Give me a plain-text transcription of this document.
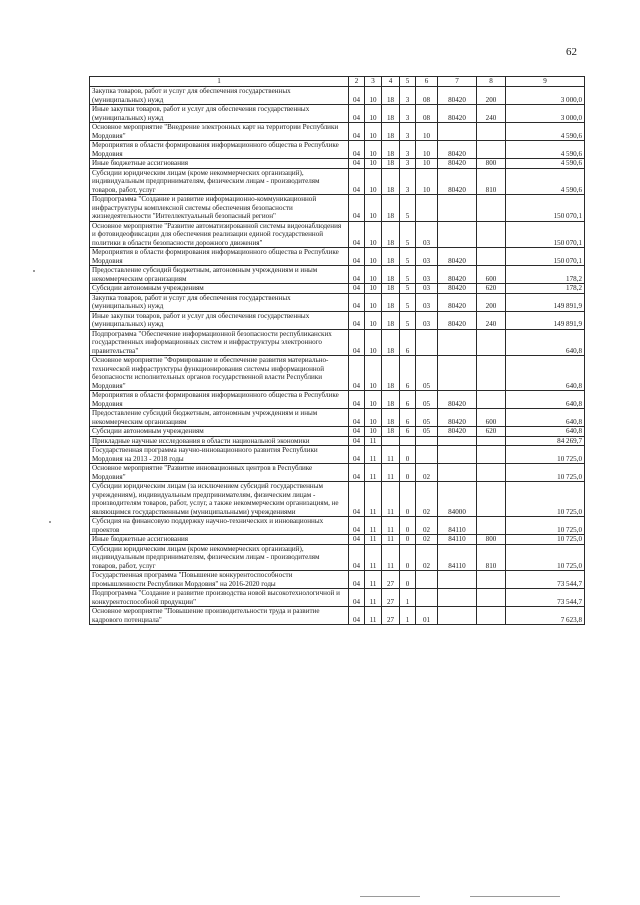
62
1	2	3	4	5	6	7	8	9
Закупка товаров, работ и услуг для обеспечения государственных (муниципальных) нужд	04	10	18	3	08	80420	200	3 000,0
Иные закупки товаров, работ и услуг для обеспечения государственных (муниципальных) нужд	04	10	18	3	08	80420	240	3 000,0
Основное мероприятие "Внедрение электронных карт на территории Республики Мордовия"	04	10	18	3	10			4 590,6
Мероприятия в области формирования информационного общества в Республике Мордовия	04	10	18	3	10	80420		4 590,6
Иные бюджетные ассигнования	04	10	18	3	10	80420	800	4 590,6
Субсидии юридическим лицам (кроме некоммерческих организаций), индивидуальным предпринимателям, физическим лицам - производителям товаров, работ, услуг	04	10	18	3	10	80420	810	4 590,6
Подпрограмма "Создание и развитие информационно-коммуникационной инфраструктуры комплексной системы обеспечения безопасности жизнедеятельности "Интеллектуальный безопасный регион"	04	10	18	5				150 070,1
Основное мероприятие "Развитие автоматизированной системы видеонаблюдения и фотовидеофиксации для обеспечения реализации единой государственной политики в области безопасности дорожного движения"	04	10	18	5	03			150 070,1
Мероприятия в области формирования информационного общества в Республике Мордовия	04	10	18	5	03	80420		150 070,1
Предоставление субсидий бюджетным, автономным учреждениям и иным некоммерческим организациям	04	10	18	5	03	80420	600	178,2
Субсидии автономным учреждениям	04	10	18	5	03	80420	620	178,2
Закупка товаров, работ и услуг для обеспечения государственных (муниципальных) нужд	04	10	18	5	03	80420	200	149 891,9
Иные закупки товаров, работ и услуг для обеспечения государственных (муниципальных) нужд	04	10	18	5	03	80420	240	149 891,9
Подпрограмма "Обеспечение информационной безопасности республиканских государственных информационных систем и инфраструктуры электронного правительства"	04	10	18	6				640,8
Основное мероприятие "Формирование и обеспечение развития материально-технической инфраструктуры функционирования системы информационной безопасности исполнительных органов государственной власти Республики Мордовия"	04	10	18	6	05			640,8
Мероприятия в области формирования информационного общества в Республике Мордовия	04	10	18	6	05	80420		640,8
Предоставление субсидий бюджетным, автономным учреждениям и иным некоммерческим организациям	04	10	18	6	05	80420	600	640,8
Субсидии автономным учреждениям	04	10	18	6	05	80420	620	640,8
Прикладные научные исследования в области национальной экономики	04	11						84 269,7
Государственная программа научно-инновационного развития Республики Мордовия на 2013 - 2018 годы	04	11	11	0				10 725,0
Основное мероприятие "Развитие инновационных центров в Республике Мордовия"	04	11	11	0	02			10 725,0
Субсидии юридическим лицам (за исключением субсидий государственным учреждениям), индивидуальным предпринимателям, физическим лицам - производителям товаров, работ, услуг, а также некоммерческим организациям, не являющимся государственными (муниципальными) учреждениями	04	11	11	0	02	84000		10 725,0
Субсидия на финансовую поддержку научно-технических и инновационных проектов	04	11	11	0	02	84110		10 725,0
Иные бюджетные ассигнования	04	11	11	0	02	84110	800	10 725,0
Субсидии юридическим лицам (кроме некоммерческих организаций), индивидуальным предпринимателям, физическим лицам - производителям товаров, работ, услуг	04	11	11	0	02	84110	810	10 725,0
Государственная программа "Повышение конкурентоспособности промышленности Республики Мордовия" на 2016-2020 годы	04	11	27	0				73 544,7
Подпрограмма "Создание и развитие производства новой высокотехнологичной и конкурентоспособной продукции"	04	11	27	1				73 544,7
Основное мероприятие "Повышение производительности труда и развитие кадрового потенциала"	04	11	27	1	01			7 623,8
